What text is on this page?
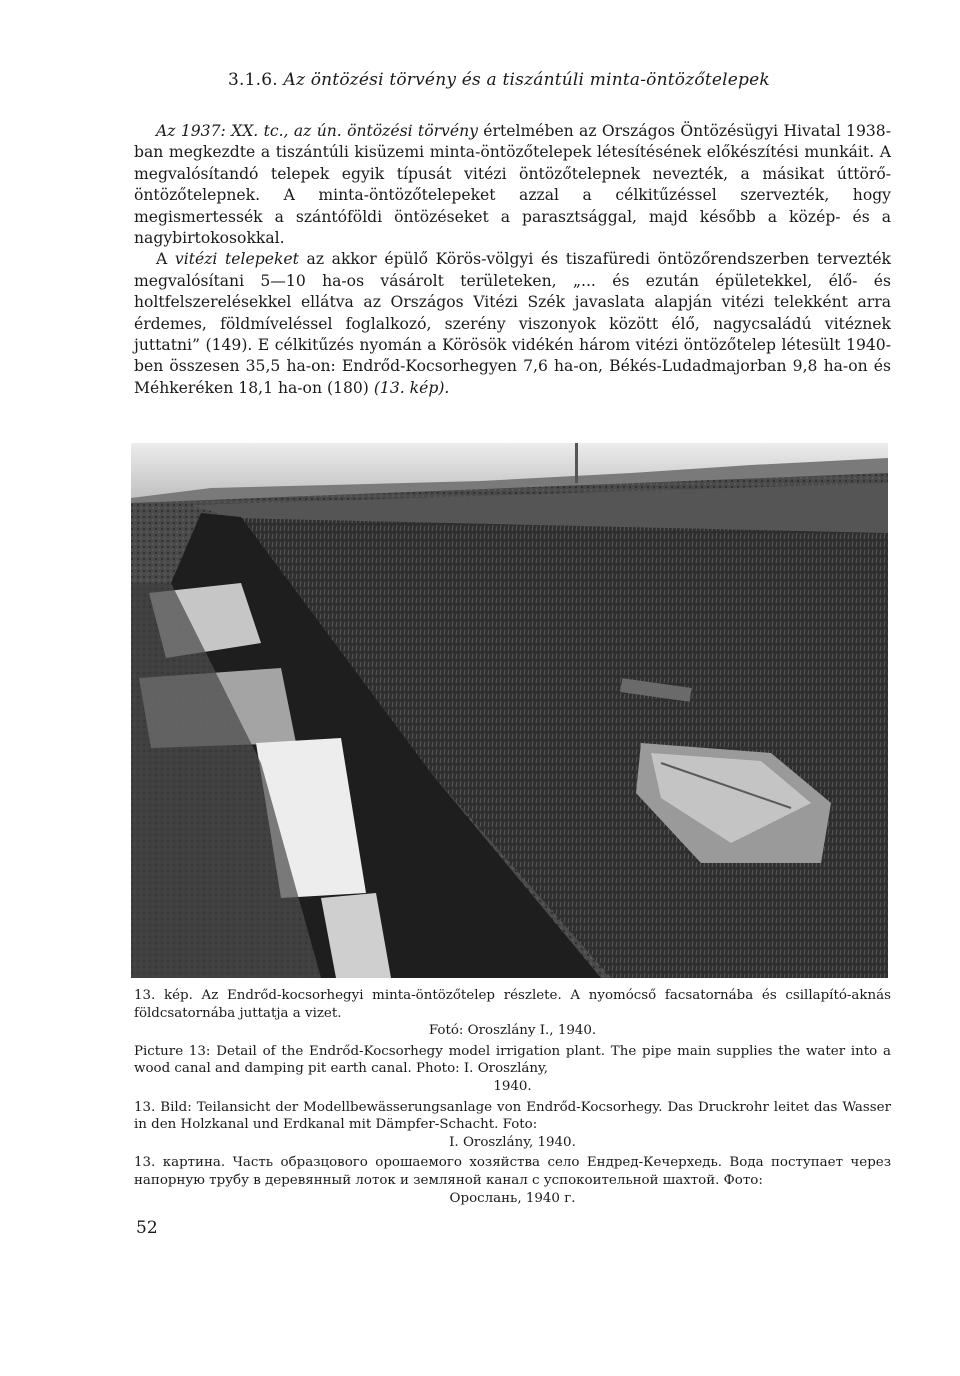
3.1.6. Az öntözési törvény és a tiszántúli minta-öntözőtelepek

Az 1937: XX. tc., az ún. öntözési törvény értelmében az Országos Öntözésügyi Hivatal 1938-ban megkezdte a tiszántúli kisüzemi minta-öntözőtelepek létesítésének előkészítési munkáit. A megvalósítandó telepek egyik típusát vitézi öntözőtelepnek nevezték, a másikat úttörő-öntözőtelepnek. A minta-öntözőtelepeket azzal a célkitűzéssel szervezték, hogy megismertessék a szántóföldi öntözéseket a parasztsággal, majd később a közép- és a nagybirtokosokkal.

A vitézi telepeket az akkor épülő Körös-völgyi és tiszafüredi öntözőrendszerben tervezték megvalósítani 5—10 ha-os vásárolt területeken, „... és ezután épületekkel, élő- és holtfelszerelésekkel ellátva az Országos Vitézi Szék javaslata alapján vitézi telekként arra érdemes, földmíveléssel foglalkozó, szerény viszonyok között élő, nagycsaládú vitéznek juttatni” (149). E célkitűzés nyomán a Körösök vidékén három vitézi öntözőtelep létesült 1940-ben összesen 35,5 ha-on: Endrőd-Kocsorhegyen 7,6 ha-on, Békés-Ludadmajorban 9,8 ha-on és Méhkeréken 18,1 ha-on (180) (13. kép).

13. kép. Az Endrőd-kocsorhegyi minta-öntözőtelep részlete. A nyomócső facsatornába és csillapító-aknás földcsatornába juttatja a vizet.
Fotó: Oroszlány I., 1940.
Picture 13: Detail of the Endrőd-Kocsorhegy model irrigation plant. The pipe main supplies the water into a wood canal and damping pit earth canal. Photo: I. Oroszlány,
1940.
13. Bild: Teilansicht der Modellbewässerungsanlage von Endrőd-Kocsorhegy. Das Druckrohr leitet das Wasser in den Holzkanal und Erdkanal mit Dämpfer-Schacht. Foto:
I. Oroszlány, 1940.
13. картина. Часть образцового орошаемого хозяйства село Ендред-Кечерхедь. Вода поступает через напорную трубу в деревянный лоток и земляной канал с успокоительной шахтой. Фото:
Орослань, 1940 г.
52
